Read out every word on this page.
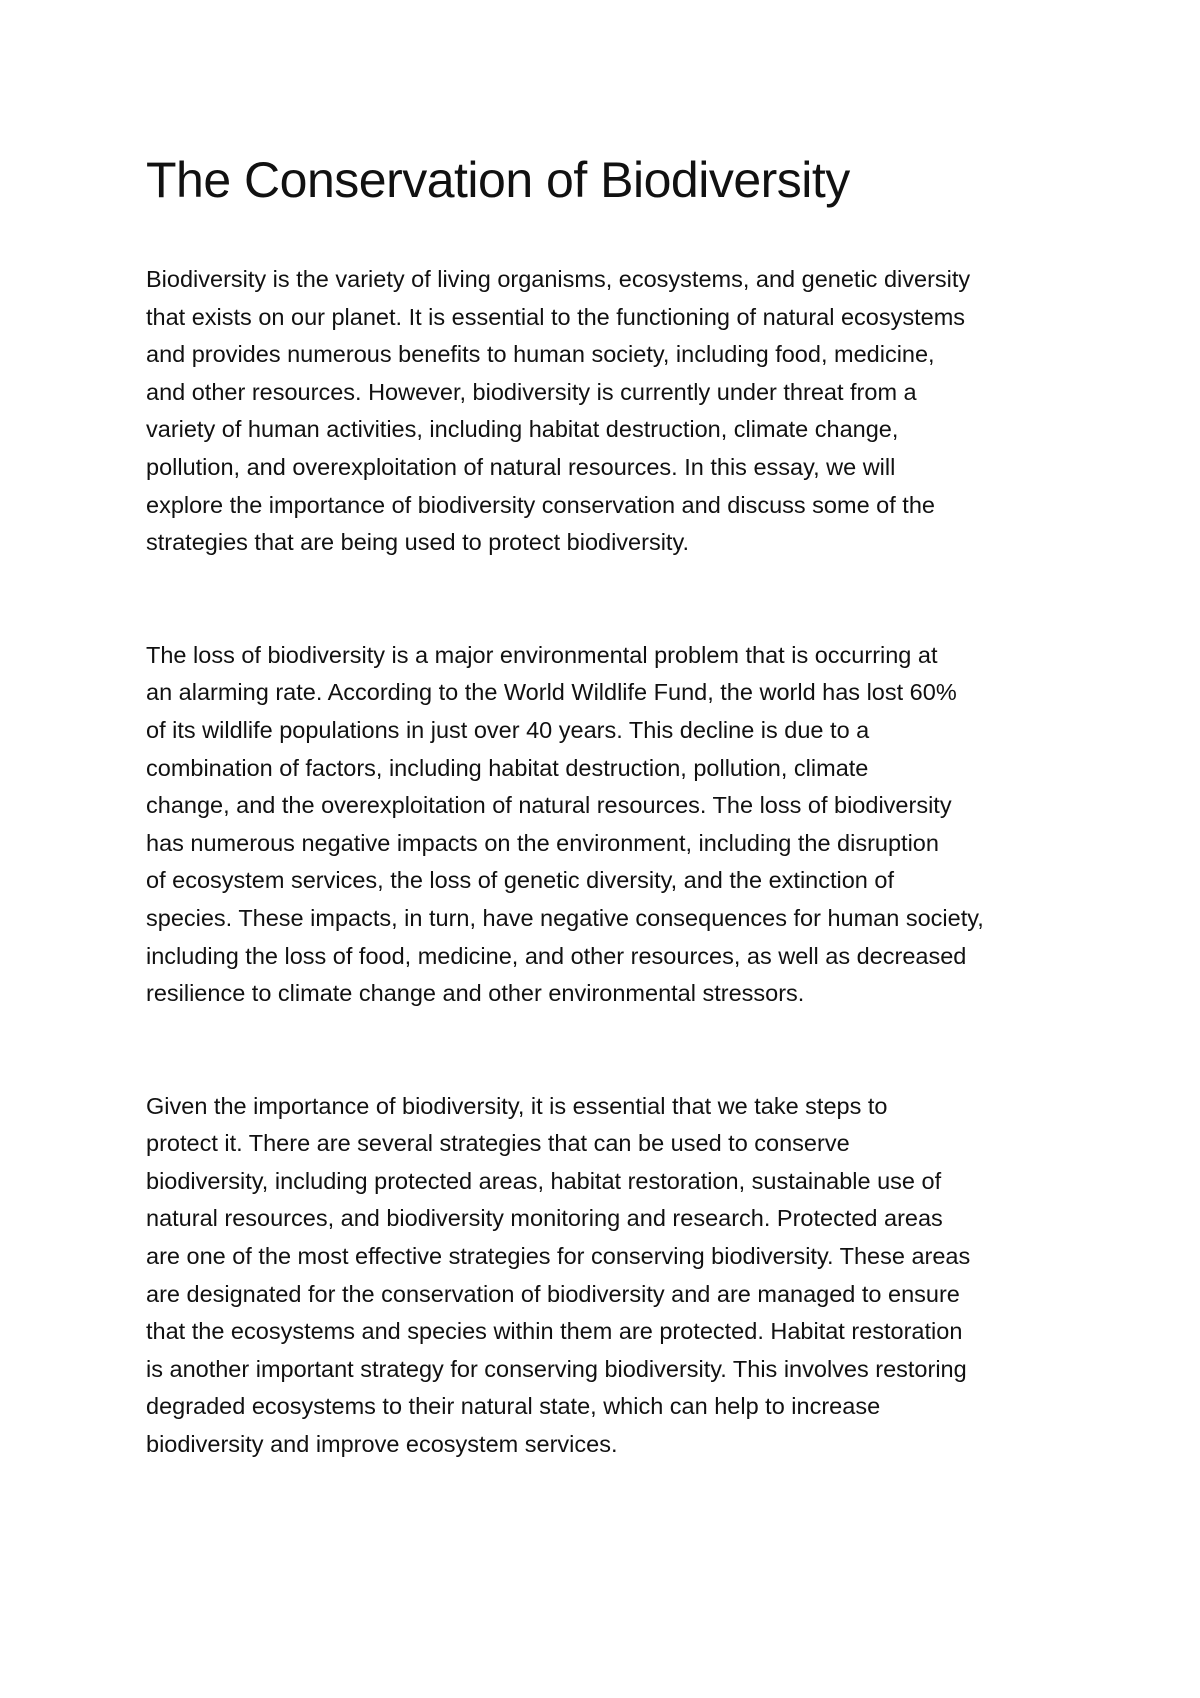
The Conservation of Biodiversity

Biodiversity is the variety of living organisms, ecosystems, and genetic diversity
that exists on our planet. It is essential to the functioning of natural ecosystems
and provides numerous benefits to human society, including food, medicine,
and other resources. However, biodiversity is currently under threat from a
variety of human activities, including habitat destruction, climate change,
pollution, and overexploitation of natural resources. In this essay, we will
explore the importance of biodiversity conservation and discuss some of the
strategies that are being used to protect biodiversity.

The loss of biodiversity is a major environmental problem that is occurring at
an alarming rate. According to the World Wildlife Fund, the world has lost 60%
of its wildlife populations in just over 40 years. This decline is due to a
combination of factors, including habitat destruction, pollution, climate
change, and the overexploitation of natural resources. The loss of biodiversity
has numerous negative impacts on the environment, including the disruption
of ecosystem services, the loss of genetic diversity, and the extinction of
species. These impacts, in turn, have negative consequences for human society,
including the loss of food, medicine, and other resources, as well as decreased
resilience to climate change and other environmental stressors.

Given the importance of biodiversity, it is essential that we take steps to
protect it. There are several strategies that can be used to conserve
biodiversity, including protected areas, habitat restoration, sustainable use of
natural resources, and biodiversity monitoring and research. Protected areas
are one of the most effective strategies for conserving biodiversity. These areas
are designated for the conservation of biodiversity and are managed to ensure
that the ecosystems and species within them are protected. Habitat restoration
is another important strategy for conserving biodiversity. This involves restoring
degraded ecosystems to their natural state, which can help to increase
biodiversity and improve ecosystem services.
